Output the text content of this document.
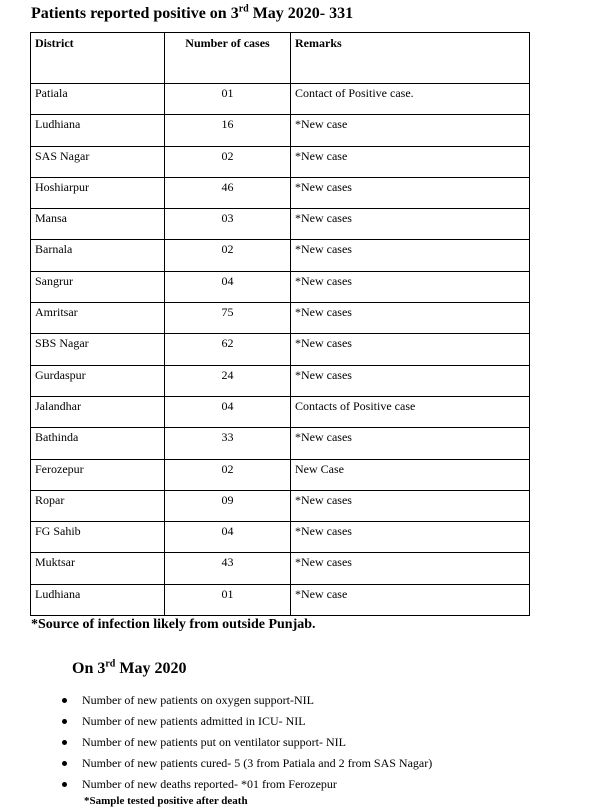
Patients reported positive on 3rd May 2020- 331
District	Number of cases	Remarks
Patiala	01	Contact of Positive case.
Ludhiana	16	*New case
SAS Nagar	02	*New case
Hoshiarpur	46	*New cases
Mansa	03	*New cases
Barnala	02	*New cases
Sangrur	04	*New cases
Amritsar	75	*New cases
SBS Nagar	62	*New cases
Gurdaspur	24	*New cases
Jalandhar	04	Contacts of Positive case
Bathinda	33	*New cases
Ferozepur	02	New Case
Ropar	09	*New cases
FG Sahib	04	*New cases
Muktsar	43	*New cases
Ludhiana	01	*New case
*Source of infection likely from outside Punjab.
On 3rd May 2020
Number of new patients on oxygen support-NIL
Number of new patients admitted in ICU- NIL
Number of new patients put on ventilator support- NIL
Number of new patients cured- 5 (3 from Patiala and 2 from SAS Nagar)
Number of new deaths reported- *01 from Ferozepur
*Sample tested positive after death
